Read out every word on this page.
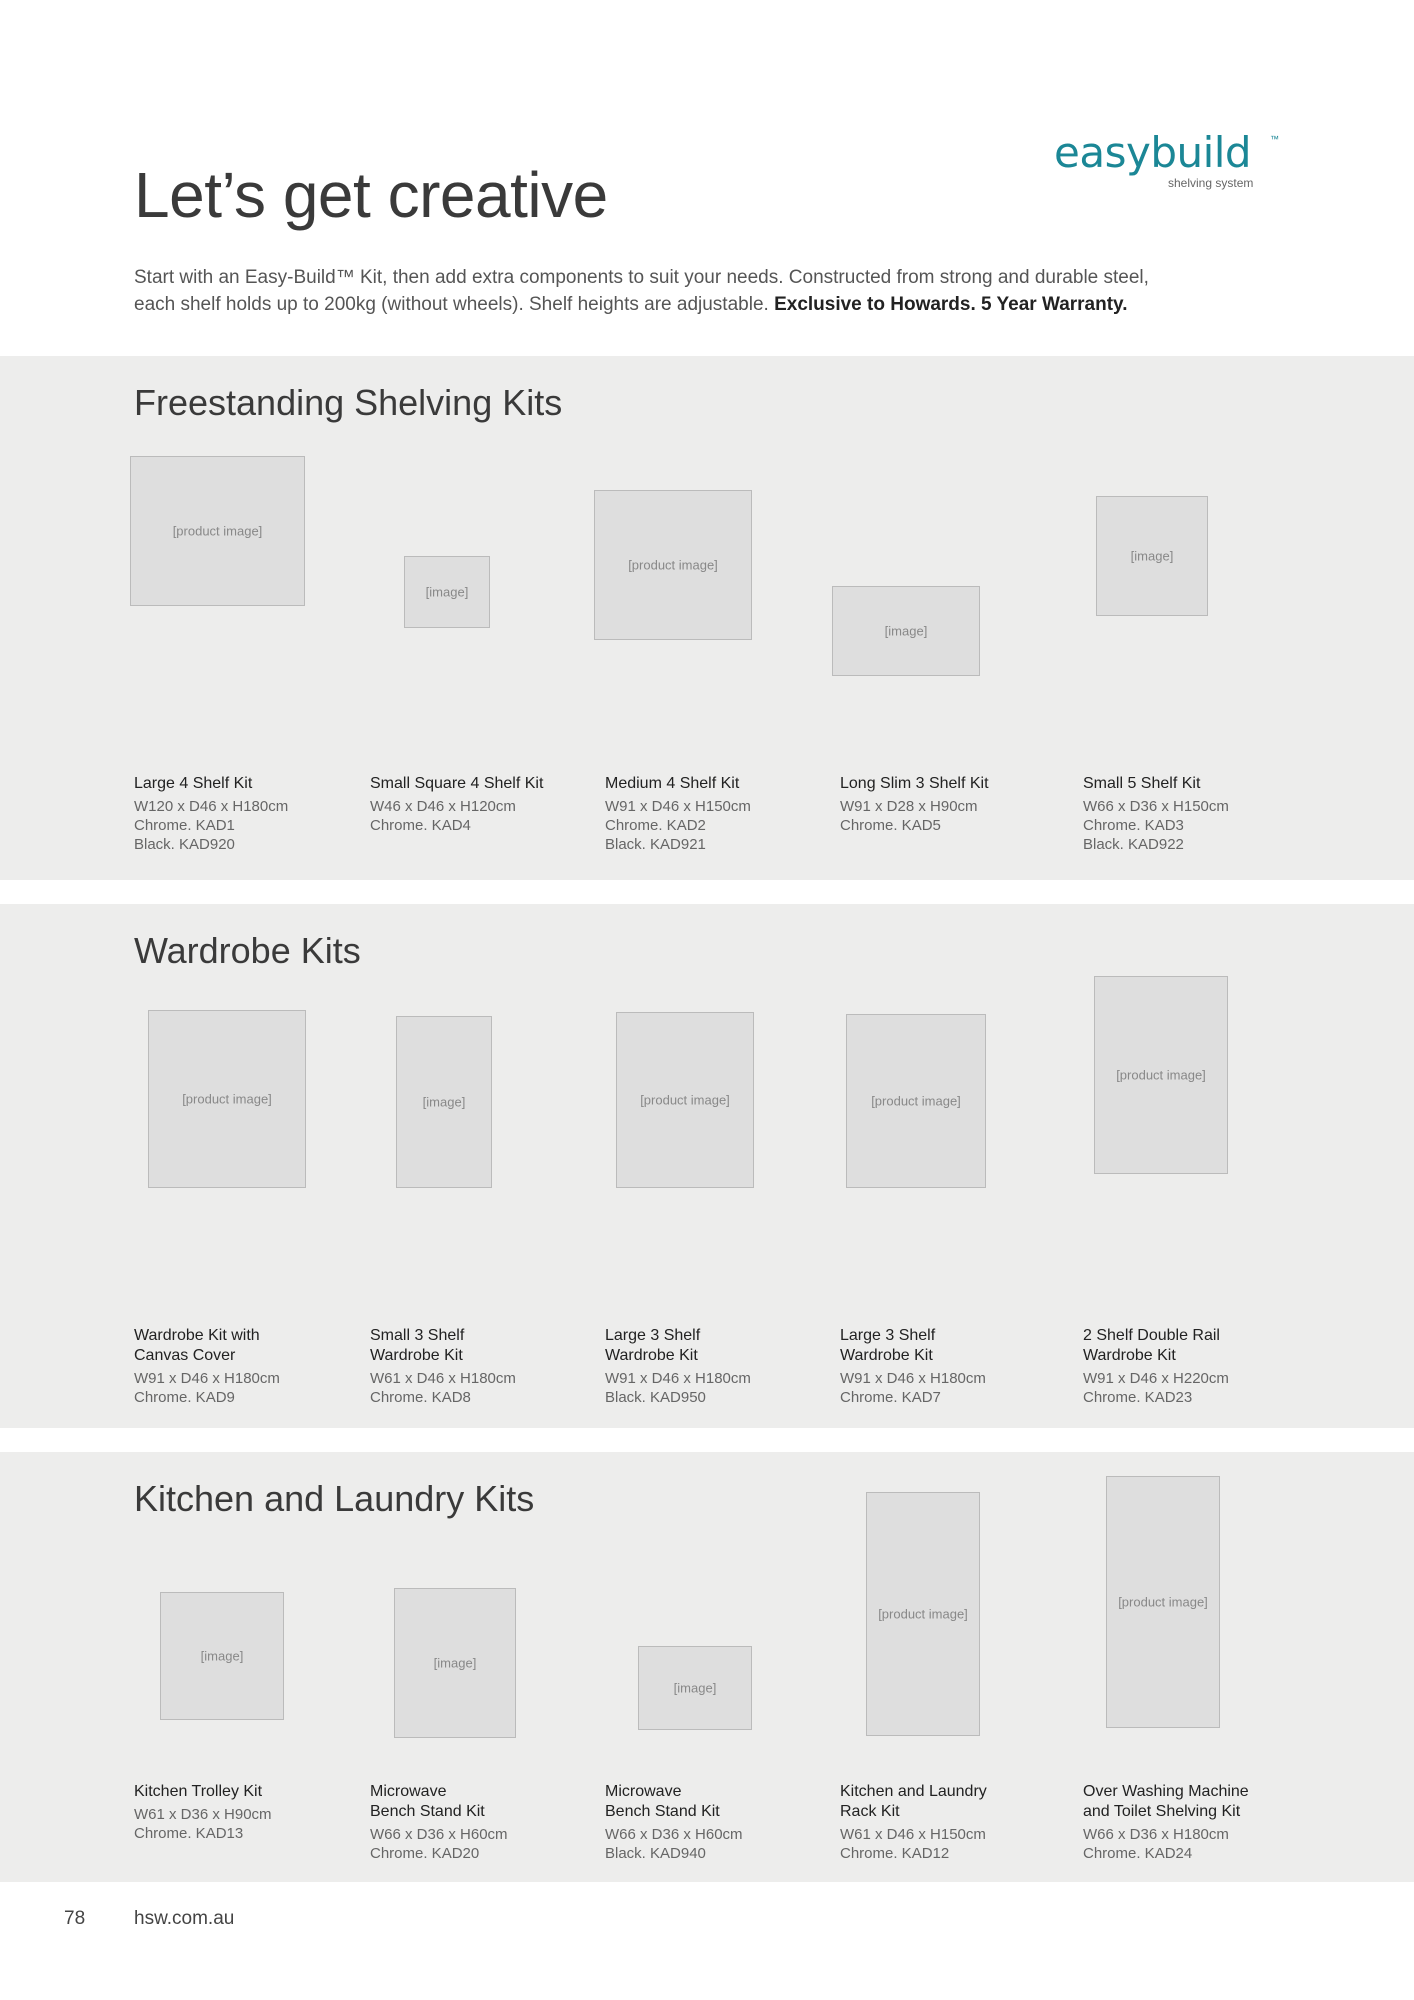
Let’s get creative
easybuild ™
shelving system

Start with an Easy-Build™ Kit, then add extra components to suit your needs. Constructed from strong and durable steel, each shelf holds up to 200kg (without wheels). Shelf heights are adjustable. Exclusive to Howards. 5 Year Warranty.

Freestanding Shelving Kits
[product image]
[image]
[product image]
[image]
[image]
Large 4 Shelf Kit
W120 x D46 x H180cm
Chrome. KAD1
Black. KAD920
Small Square 4 Shelf Kit
W46 x D46 x H120cm
Chrome. KAD4
Medium 4 Shelf Kit
W91 x D46 x H150cm
Chrome. KAD2
Black. KAD921
Long Slim 3 Shelf Kit
W91 x D28 x H90cm
Chrome. KAD5
Small 5 Shelf Kit
W66 x D36 x H150cm
Chrome. KAD3
Black. KAD922
Wardrobe Kits
[product image]	[image]	[product image]	[product image]
[product image]
Wardrobe Kit with
Canvas Cover
W91 x D46 x H180cm
Chrome. KAD9
Small 3 Shelf
Wardrobe Kit
W61 x D46 x H180cm
Chrome. KAD8
Large 3 Shelf
Wardrobe Kit
W91 x D46 x H180cm
Black. KAD950
Large 3 Shelf
Wardrobe Kit
W91 x D46 x H180cm
Chrome. KAD7
2 Shelf Double Rail
Wardrobe Kit
W91 x D46 x H220cm
Chrome. KAD23
Kitchen and Laundry Kits
[image]	[image]
[image]
[product image]
[product image]
Kitchen Trolley Kit
W61 x D36 x H90cm
Chrome. KAD13
Microwave
Bench Stand Kit
W66 x D36 x H60cm
Chrome. KAD20
Microwave
Bench Stand Kit
W66 x D36 x H60cm
Black. KAD940
Kitchen and Laundry
Rack Kit
W61 x D46 x H150cm
Chrome. KAD12
Over Washing Machine
and Toilet Shelving Kit
W66 x D36 x H180cm
Chrome. KAD24
78	hsw.com.au
